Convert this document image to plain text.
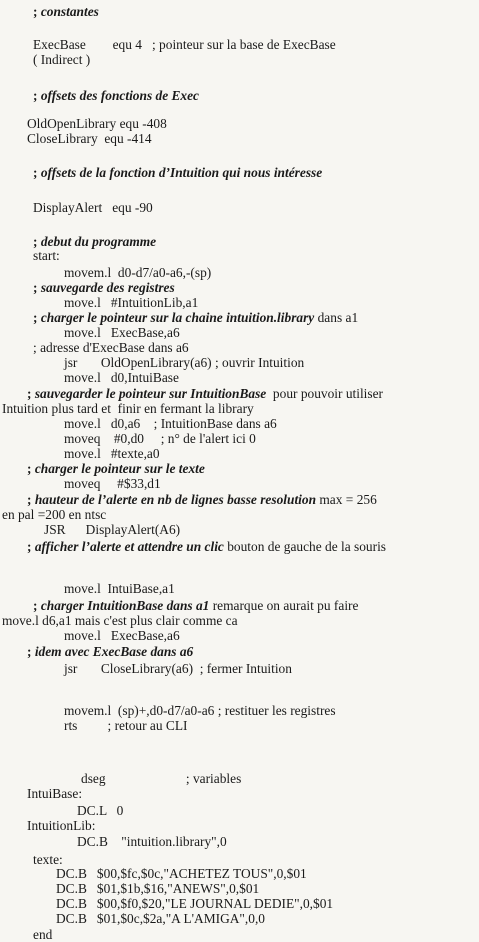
; constantes
ExecBase        equ 4   ; pointeur sur la base de ExecBase
( Indirect )
; offsets des fonctions de Exec
OldOpenLibrary equ -408
CloseLibrary  equ -414
; offsets de la fonction d’Intuition qui nous intéresse
DisplayAlert   equ -90
; debut du programme
start:
movem.l  d0-d7/a0-a6,-(sp)
; sauvegarde des registres
move.l   #IntuitionLib,a1
; charger le pointeur sur la chaine intuition.library dans a1
move.l   ExecBase,a6
; adresse d'ExecBase dans a6
jsr       OldOpenLibrary(a6) ; ouvrir Intuition
move.l   d0,IntuiBase
; sauvegarder le pointeur sur IntuitionBase  pour pouvoir utiliser
Intuition plus tard et  finir en fermant la library
move.l   d0,a6    ; IntuitionBase dans a6
moveq    #0,d0     ; n° de l'alert ici 0
move.l   #texte,a0
; charger le pointeur sur le texte
moveq     #$33,d1
; hauteur de l’alerte en nb de lignes basse resolution max = 256
en pal =200 en ntsc
JSR      DisplayAlert(A6)
; afficher l’alerte et attendre un clic bouton de gauche de la souris
move.l  IntuiBase,a1
; charger IntuitionBase dans a1 remarque on aurait pu faire
move.l d6,a1 mais c'est plus clair comme ca
move.l   ExecBase,a6
; idem avec ExecBase dans a6
jsr       CloseLibrary(a6)  ; fermer Intuition
movem.l  (sp)+,d0-d7/a0-a6 ; restituer les registres
rts         ; retour au CLI
dseg                        ; variables
IntuiBase:
DC.L   0
IntuitionLib:
DC.B    "intuition.library",0
texte:
DC.B   $00,$fc,$0c,"ACHETEZ TOUS",0,$01
DC.B   $01,$1b,$16,"ANEWS",0,$01
DC.B   $00,$f0,$20,"LE JOURNAL DEDIE",0,$01
DC.B   $01,$0c,$2a,"A L'AMIGA",0,0
end
